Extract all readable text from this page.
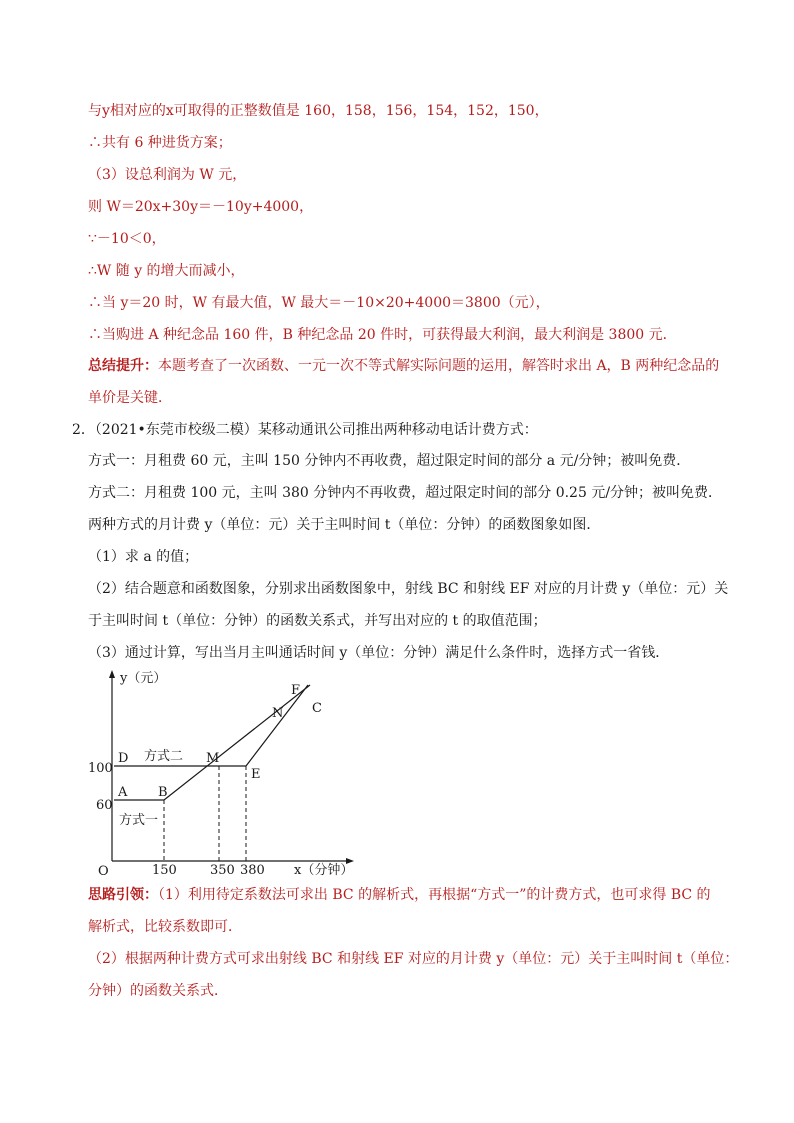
与y相对应的x可取得的正整数值是 160，158，156，154，152，150，
∴共有 6 种进货方案；
（3）设总利润为 W 元，
则 W＝20x+30y＝－10y+4000，
∵－10＜0，
∴W 随 y 的增大而减小，
∴当 y＝20 时，W 有最大值，W 最大＝－10×20+4000＝3800（元），
∴当购进 A 种纪念品 160 件，B 种纪念品 20 件时，可获得最大利润，最大利润是 3800 元．
总结提升：本题考查了一次函数、一元一次不等式解实际问题的运用，解答时求出 A，B 两种纪念品的
单价是关键．
2．（2021•东莞市校级二模）某移动通讯公司推出两种移动电话计费方式：
方式一：月租费 60 元，主叫 150 分钟内不再收费，超过限定时间的部分 a 元/分钟；被叫免费．
方式二：月租费 100 元，主叫 380 分钟内不再收费，超过限定时间的部分 0.25 元/分钟；被叫免费．
两种方式的月计费 y（单位：元）关于主叫时间 t（单位：分钟）的函数图象如图．
（1）求 a 的值；
（2）结合题意和函数图象，分别求出函数图象中，射线 BC 和射线 EF 对应的月计费 y（单位：元）关
于主叫时间 t（单位：分钟）的函数关系式，并写出对应的 t 的取值范围；
（3）通过计算，写出当月主叫通话时间 y（单位：分钟）满足什么条件时，选择方式一省钱．
y（元）
x（分钟）
O
100
60
150	350 380
A B
C
D
E
F
M
N
方式二
方式一
思路引领：（1）利用待定系数法可求出 BC 的解析式，再根据“方式一”的计费方式，也可求得 BC 的
解析式，比较系数即可．
（2）根据两种计费方式可求出射线 BC 和射线 EF 对应的月计费 y（单位：元）关于主叫时间 t（单位：
分钟）的函数关系式．
